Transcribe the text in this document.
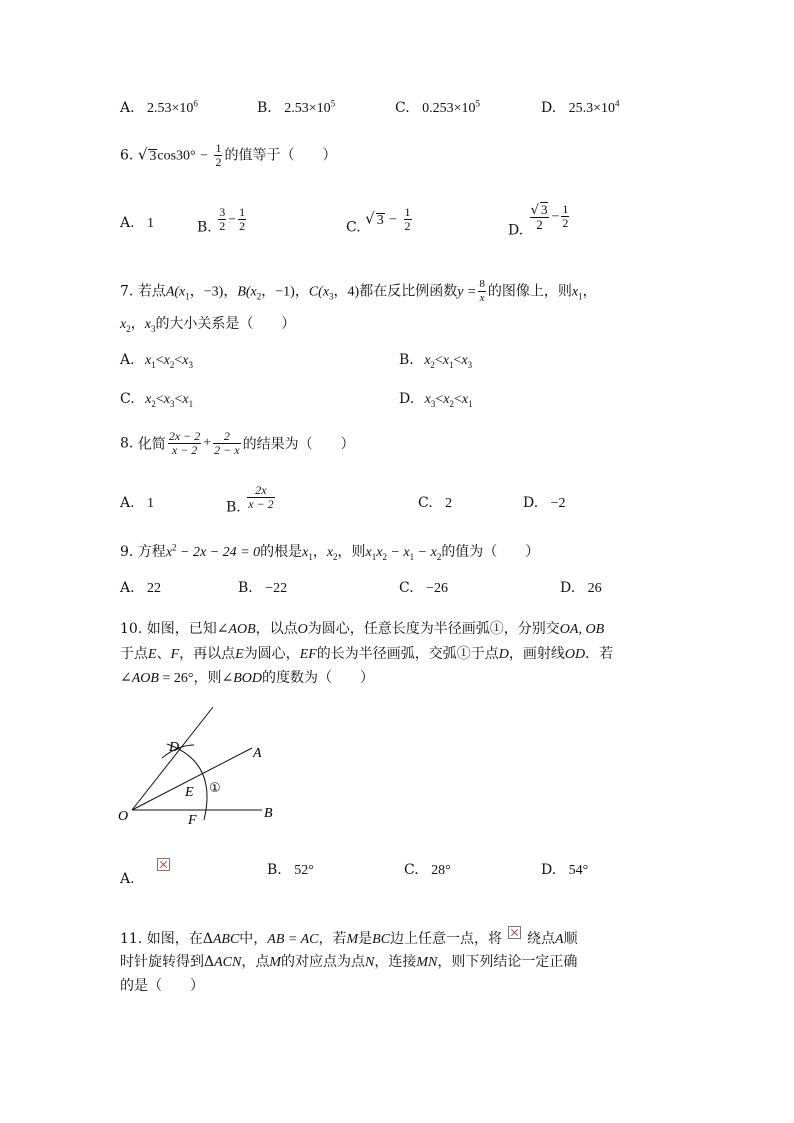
A. $2.53\times 10^6$	B. $2.53\times 10^5$	C. $0.253\times 10^5$	D. $25.3\times 10^4$
6. √ $3\cos 30^\circ - \frac{1}{2}$ 的值等于（　　）
A. 1	B. $\frac{3}{2} - \frac{1}{2}$	C. √ $3 - \frac{1}{2}$	D. $\frac{√ 3}{2} - \frac{1}{2}$
7. 若点$A(x_1$，−3)，$B(x_2$，−1)，$C(x_3$，4)都在反比例函数$y = \frac{8}{x}$ 的图像上，则$x_1$，
$x_2$，$x_3$的大小关系是（　　）
A. $x_1<x_2<x_3$	B. $x_2<x_1<x_3$
C. $x_2<x_3<x_1$	D. $x_3<x_2<x_1$
8. 化简 $\frac{2x - 2}{x - 2} + \frac{2}{2 - x}$ 的结果为（　　）
A. 1	B. $\frac{2x}{x - 2}$	C. 2	D. −2
9. 方程$x^2 - 2x - 24 = 0$的根是$x_1$，$x_2$，则$x_1x_2 - x_1 - x_2$的值为（　　）
A. 22	B. −22	C. −26	D. 26
10. 如图，已知∠AOB，以点O为圆心，任意长度为半径画弧①，分别交OA, OB
于点E、F，再以点E为圆心，EF的长为半径画弧，交弧①于点D，画射线OD．若
∠AOB = 26°，则∠BOD的度数为（　　）
D	A
E ①
O	F	B
A.
B. 52°	C. 28°	D. 54°
11. 如图，在ΔABC中，AB = AC，若M是BC边上任意一点，将 绕点A顺
时针旋转得到ΔACN，点M的对应点为点N，连接MN，则下列结论一定正确
的是（　　）
